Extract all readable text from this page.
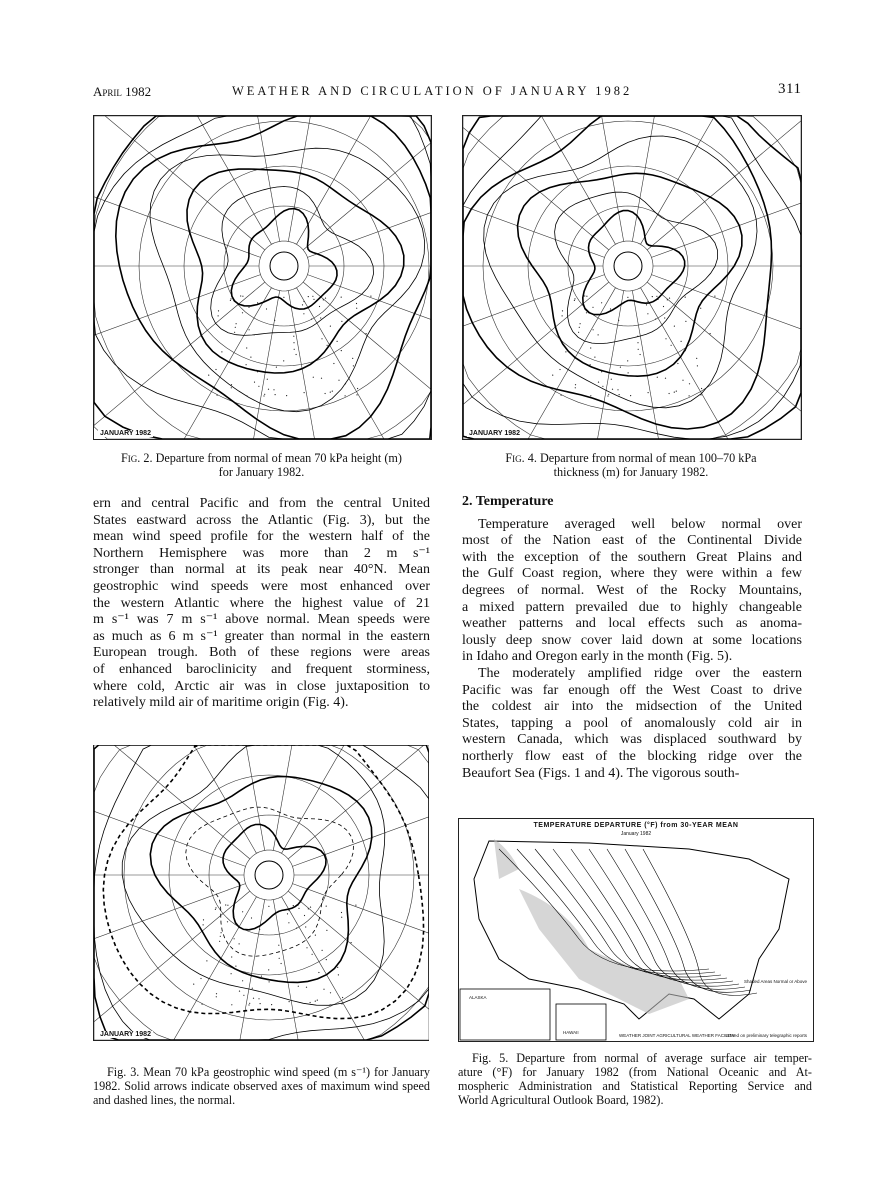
April 1982	WEATHER AND CIRCULATION OF JANUARY 1982	311
JANUARY 1982	JANUARY 1982
Fig. 2. Departure from normal of mean 70 kPa height (m)
for January 1982.
Fig. 4. Departure from normal of mean 100–70 kPa
thickness (m) for January 1982.
ern and central Pacific and from the central United
States eastward across the Atlantic (Fig. 3), but the
mean wind speed profile for the western half of the
Northern Hemisphere was more than 2 m s⁻¹
stronger than normal at its peak near 40°N. Mean
geostrophic wind speeds were most enhanced over
the western Atlantic where the highest value of 21
m s⁻¹ was 7 m s⁻¹ above normal. Mean speeds were
as much as 6 m s⁻¹ greater than normal in the eastern
European trough. Both of these regions were areas
of enhanced baroclinicity and frequent storminess,
where cold, Arctic air was in close juxtaposition to
relatively mild air of maritime origin (Fig. 4).
2. Temperature
Temperature averaged well below normal over
most of the Nation east of the Continental Divide
with the exception of the southern Great Plains and
the Gulf Coast region, where they were within a few
degrees of normal. West of the Rocky Mountains,
a mixed pattern prevailed due to highly changeable
weather patterns and local effects such as anoma-
lously deep snow cover laid down at some locations
in Idaho and Oregon early in the month (Fig. 5).
The moderately amplified ridge over the eastern
Pacific was far enough off the West Coast to drive
the coldest air into the midsection of the United
States, tapping a pool of anomalously cold air in
western Canada, which was displaced southward by
northerly flow east of the blocking ridge over the
Beaufort Sea (Figs. 1 and 4). The vigorous south-
JANUARY 1982
TEMPERATURE DEPARTURE (°F) from 30-YEAR MEAN
January 1982
Shaded Areas Normal or Above
Based on preliminary telegraphic reports
WEATHER JOINT AGRICULTURAL WEATHER FACILITY
ALASKA
HAWAII
Fig. 3. Mean 70 kPa geostrophic wind speed (m s⁻¹) for January
1982. Solid arrows indicate observed axes of maximum wind speed
and dashed lines, the normal.
Fig. 5. Departure from normal of average surface air temper-
ature (°F) for January 1982 (from National Oceanic and At-
mospheric Administration and Statistical Reporting Service and
World Agricultural Outlook Board, 1982).
